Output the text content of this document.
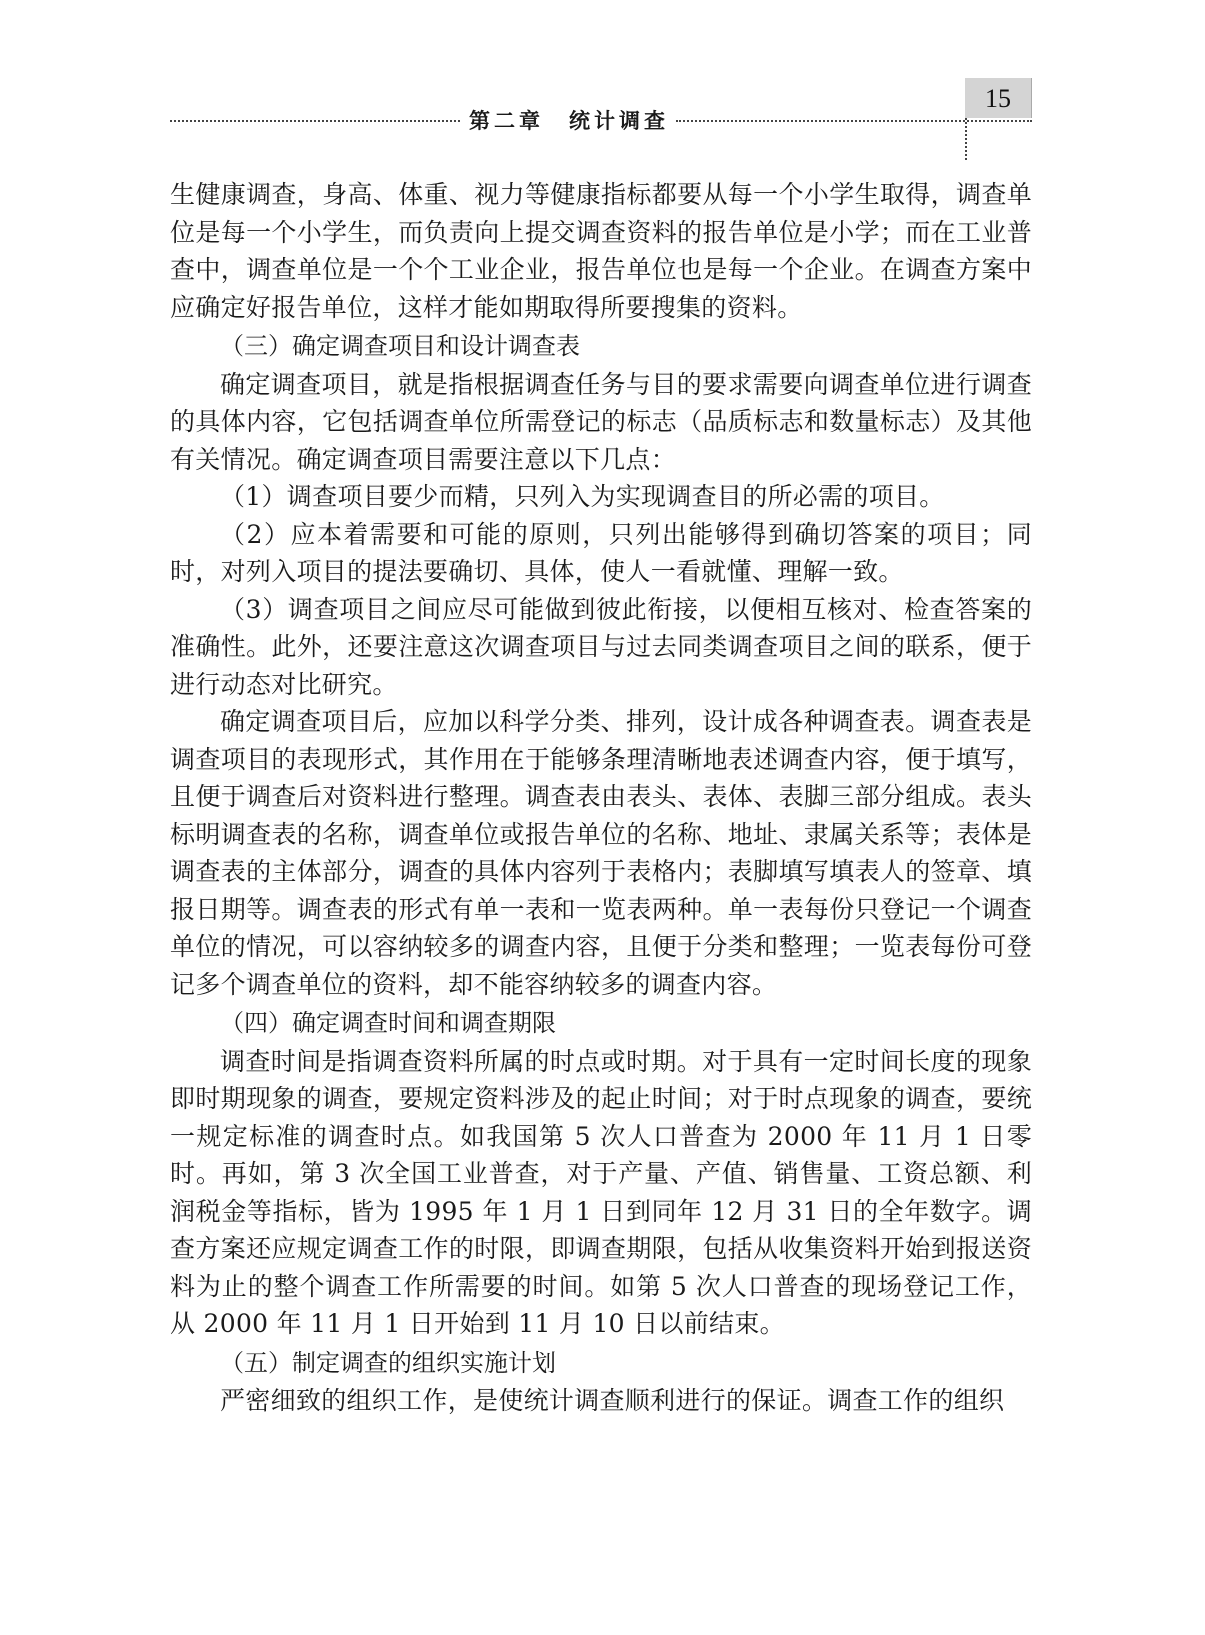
第二章　统计调查
15

生健康调查，身高、体重、视力等健康指标都要从每一个小学生取得，调查单位是每一个小学生，而负责向上提交调查资料的报告单位是小学；而在工业普查中，调查单位是一个个工业企业，报告单位也是每一个企业。在调查方案中应确定好报告单位，这样才能如期取得所要搜集的资料。

（三）确定调查项目和设计调查表

确定调查项目，就是指根据调查任务与目的要求需要向调查单位进行调查的具体内容，它包括调查单位所需登记的标志（品质标志和数量标志）及其他有关情况。确定调查项目需要注意以下几点：

（1）调查项目要少而精，只列入为实现调查目的所必需的项目。

（2）应本着需要和可能的原则，只列出能够得到确切答案的项目；同时，对列入项目的提法要确切、具体，使人一看就懂、理解一致。

（3）调查项目之间应尽可能做到彼此衔接，以便相互核对、检查答案的准确性。此外，还要注意这次调查项目与过去同类调查项目之间的联系，便于进行动态对比研究。

确定调查项目后，应加以科学分类、排列，设计成各种调查表。调查表是调查项目的表现形式，其作用在于能够条理清晰地表述调查内容，便于填写，且便于调查后对资料进行整理。调查表由表头、表体、表脚三部分组成。表头标明调查表的名称，调查单位或报告单位的名称、地址、隶属关系等；表体是调查表的主体部分，调查的具体内容列于表格内；表脚填写填表人的签章、填报日期等。调查表的形式有单一表和一览表两种。单一表每份只登记一个调查单位的情况，可以容纳较多的调查内容，且便于分类和整理；一览表每份可登记多个调查单位的资料，却不能容纳较多的调查内容。

（四）确定调查时间和调查期限

调查时间是指调查资料所属的时点或时期。对于具有一定时间长度的现象即时期现象的调查，要规定资料涉及的起止时间；对于时点现象的调查，要统一规定标准的调查时点。如我国第 5 次人口普查为 2000 年 11 月 1 日零时。再如，第 3 次全国工业普查，对于产量、产值、销售量、工资总额、利润税金等指标，皆为 1995 年 1 月 1 日到同年 12 月 31 日的全年数字。调查方案还应规定调查工作的时限，即调查期限，包括从收集资料开始到报送资料为止的整个调查工作所需要的时间。如第 5 次人口普查的现场登记工作，从 2000 年 11 月 1 日开始到 11 月 10 日以前结束。

（五）制定调查的组织实施计划

严密细致的组织工作，是使统计调查顺利进行的保证。调查工作的组织
